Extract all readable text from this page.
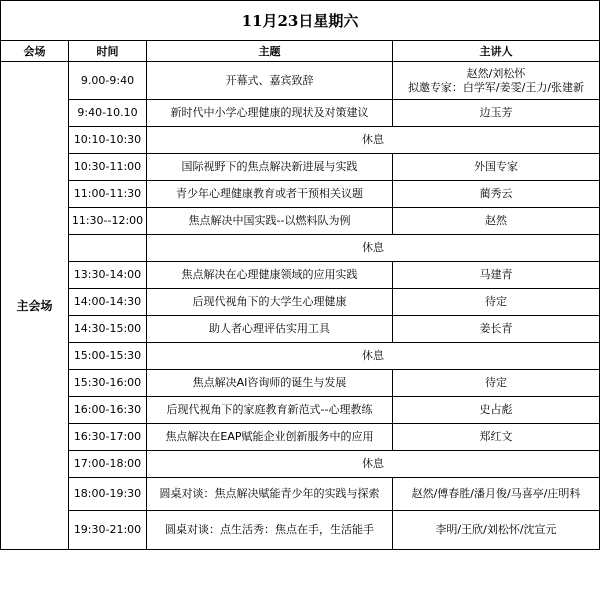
11月23日星期六			
会场	时间	主题	主讲人
主会场	9.00-9:40	开幕式、嘉宾致辞	赵然/刘松怀
拟邀专家：白学军/姜雯/王力/张建新

	9:40-10.10	新时代中小学心理健康的现状及对策建议	边玉芳

	10:10-10:30	休息	
	10:30-11:00	国际视野下的焦点解决新进展与实践	外国专家

	11:00-11:30	青少年心理健康教育或者干预相关议题	蔺秀云

	11:30--12:00	焦点解决中国实践--以燃料队为例	赵然

		休息	
	13:30-14:00	焦点解决在心理健康领域的应用实践	马建青

	14:00-14:30	后现代视角下的大学生心理健康	待定

	14:30-15:00	助人者心理评估实用工具	姜长青

	15:00-15:30	休息	
	15:30-16:00	焦点解决AI咨询师的诞生与发展	待定

	16:00-16:30	后现代视角下的家庭教育新范式--心理教练	史占彪

	16:30-17:00	焦点解决在EAP赋能企业创新服务中的应用	郑红文

	17:00-18:00	休息	
	18:00-19:30	圆桌对谈：焦点解决赋能青少年的实践与探索	赵然/傅春胜/潘月俊/马喜亭/庄明科

	19:30-21:00	圆桌对谈：点生活秀：焦点在手，生活能手	李明/王欣/刘松怀/沈宣元
